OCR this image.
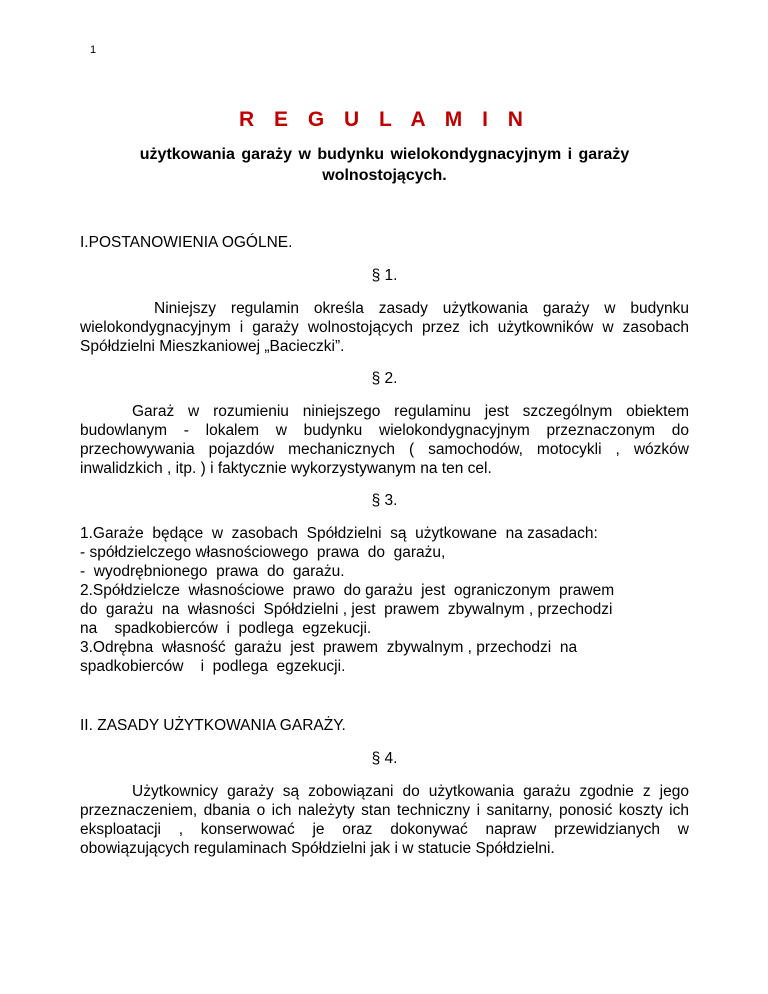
1
R E G U L A M I N
użytkowania garaży w budynku wielokondygnacyjnym i garaży wolnostojących.
I.POSTANOWIENIA OGÓLNE.
§ 1.
Niniejszy regulamin określa zasady użytkowania garaży w budynku wielokondygnacyjnym i garaży wolnostojących przez ich użytkowników w zasobach Spółdzielni Mieszkaniowej „Bacieczki”.
§ 2.
Garaż w rozumieniu niniejszego regulaminu jest szczególnym obiektem budowlanym - lokalem w budynku wielokondygnacyjnym przeznaczonym do przechowywania pojazdów mechanicznych ( samochodów, motocykli , wózków inwalidzkich , itp. ) i faktycznie wykorzystywanym na ten cel.
§ 3.
1.Garaże  będące  w  zasobach  Spółdzielni  są  użytkowane  na zasadach:
- spółdzielczego własnościowego  prawa  do  garażu,
-  wyodrębnionego  prawa  do  garażu.
2.Spółdzielcze  własnościowe  prawo  do garażu  jest  ograniczonym  prawem
do  garażu  na  własności  Spółdzielni , jest  prawem  zbywalnym , przechodzi
na    spadkobierców  i  podlega  egzekucji.
3.Odrębna  własność  garażu  jest  prawem  zbywalnym , przechodzi  na
spadkobierców    i  podlega  egzekucji.
II. ZASADY UŻYTKOWANIA GARAŻY.
§ 4.
Użytkownicy garaży są zobowiązani do użytkowania garażu zgodnie z jego przeznaczeniem, dbania o ich należyty stan techniczny i sanitarny, ponosić koszty ich eksploatacji , konserwować je oraz dokonywać napraw przewidzianych w obowiązujących regulaminach Spółdzielni jak i w statucie Spółdzielni.
